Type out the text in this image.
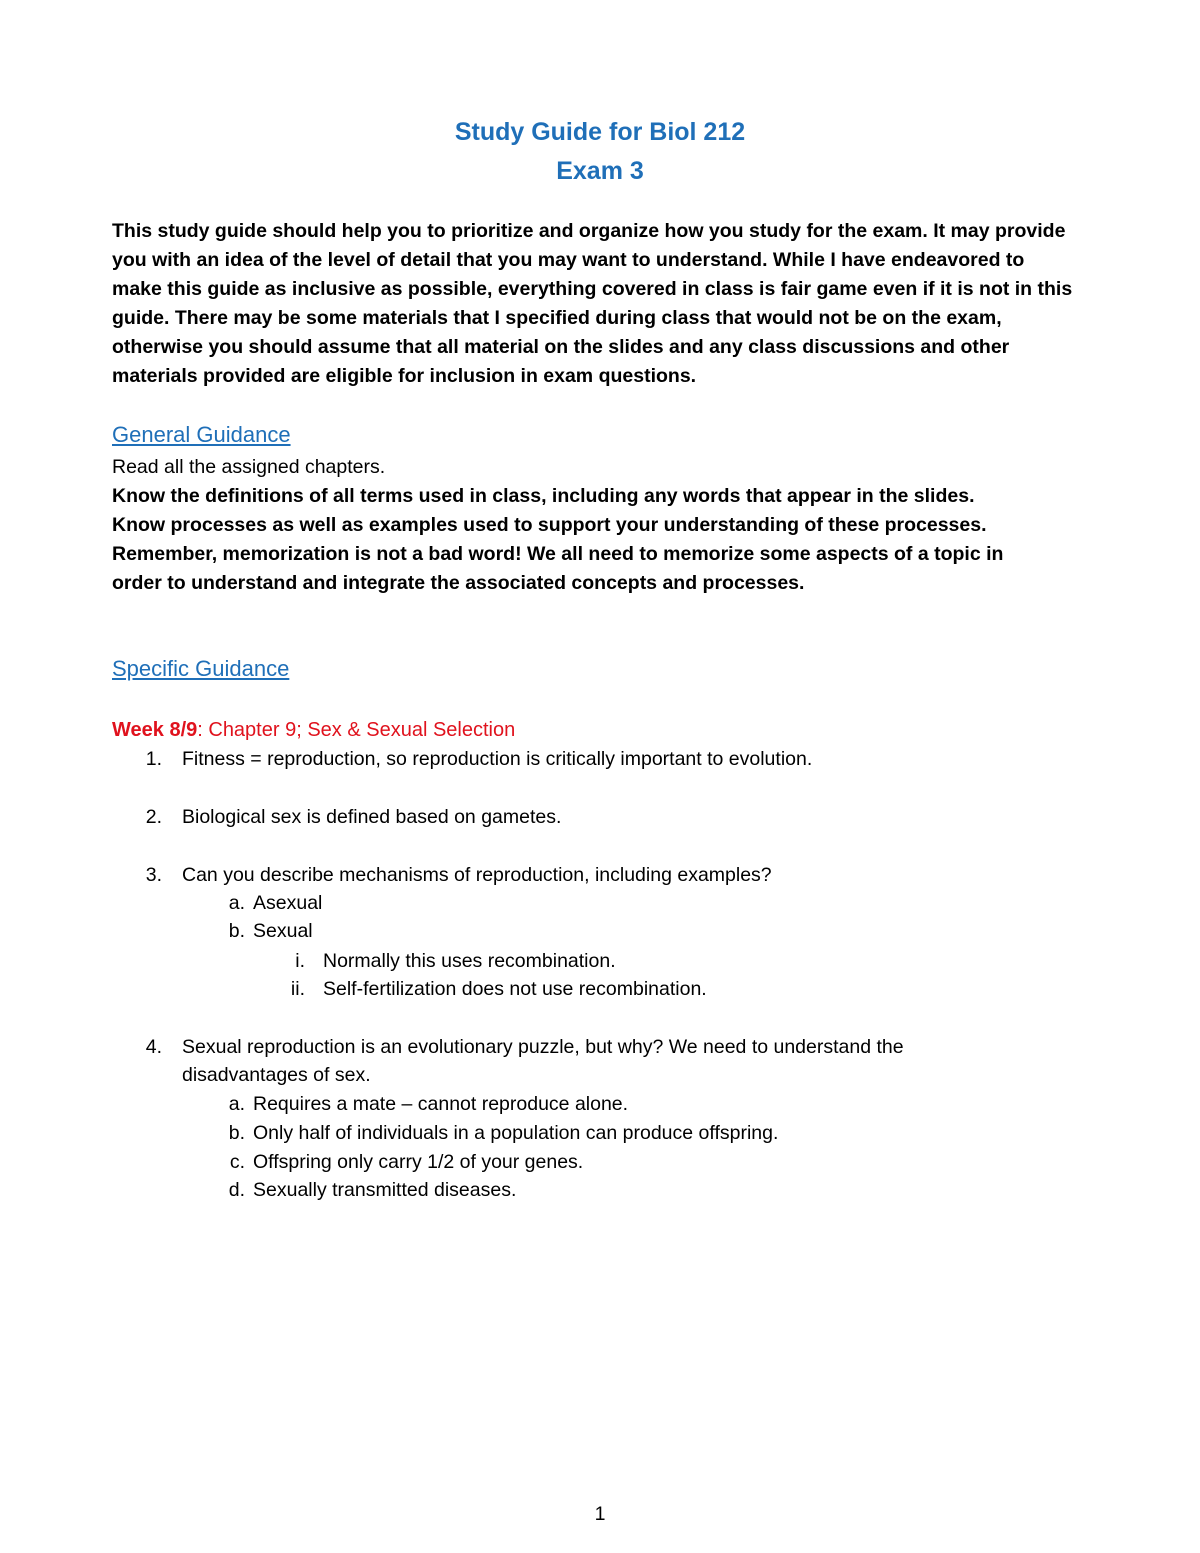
Study Guide for Biol 212
Exam 3
This study guide should help you to prioritize and organize how you study for the exam. It may provide
you with an idea of the level of detail that you may want to understand. While I have endeavored to
make this guide as inclusive as possible, everything covered in class is fair game even if it is not in this
guide. There may be some materials that I specified during class that would not be on the exam,
otherwise you should assume that all material on the slides and any class discussions and other
materials provided are eligible for inclusion in exam questions.
General Guidance
Read all the assigned chapters.
Know the definitions of all terms used in class, including any words that appear in the slides.
Know processes as well as examples used to support your understanding of these processes.
Remember, memorization is not a bad word! We all need to memorize some aspects of a topic in
order to understand and integrate the associated concepts and processes.
Specific Guidance
Week 8/9: Chapter 9; Sex & Sexual Selection
1. Fitness = reproduction, so reproduction is critically important to evolution.
2. Biological sex is defined based on gametes.
3. Can you describe mechanisms of reproduction, including examples?
a. Asexual
b. Sexual
i. Normally this uses recombination.
ii. Self-fertilization does not use recombination.
4. Sexual reproduction is an evolutionary puzzle, but why? We need to understand the
disadvantages of sex.
a. Requires a mate – cannot reproduce alone.
b. Only half of individuals in a population can produce offspring.
c. Offspring only carry 1/2 of your genes.
d. Sexually transmitted diseases.
1
